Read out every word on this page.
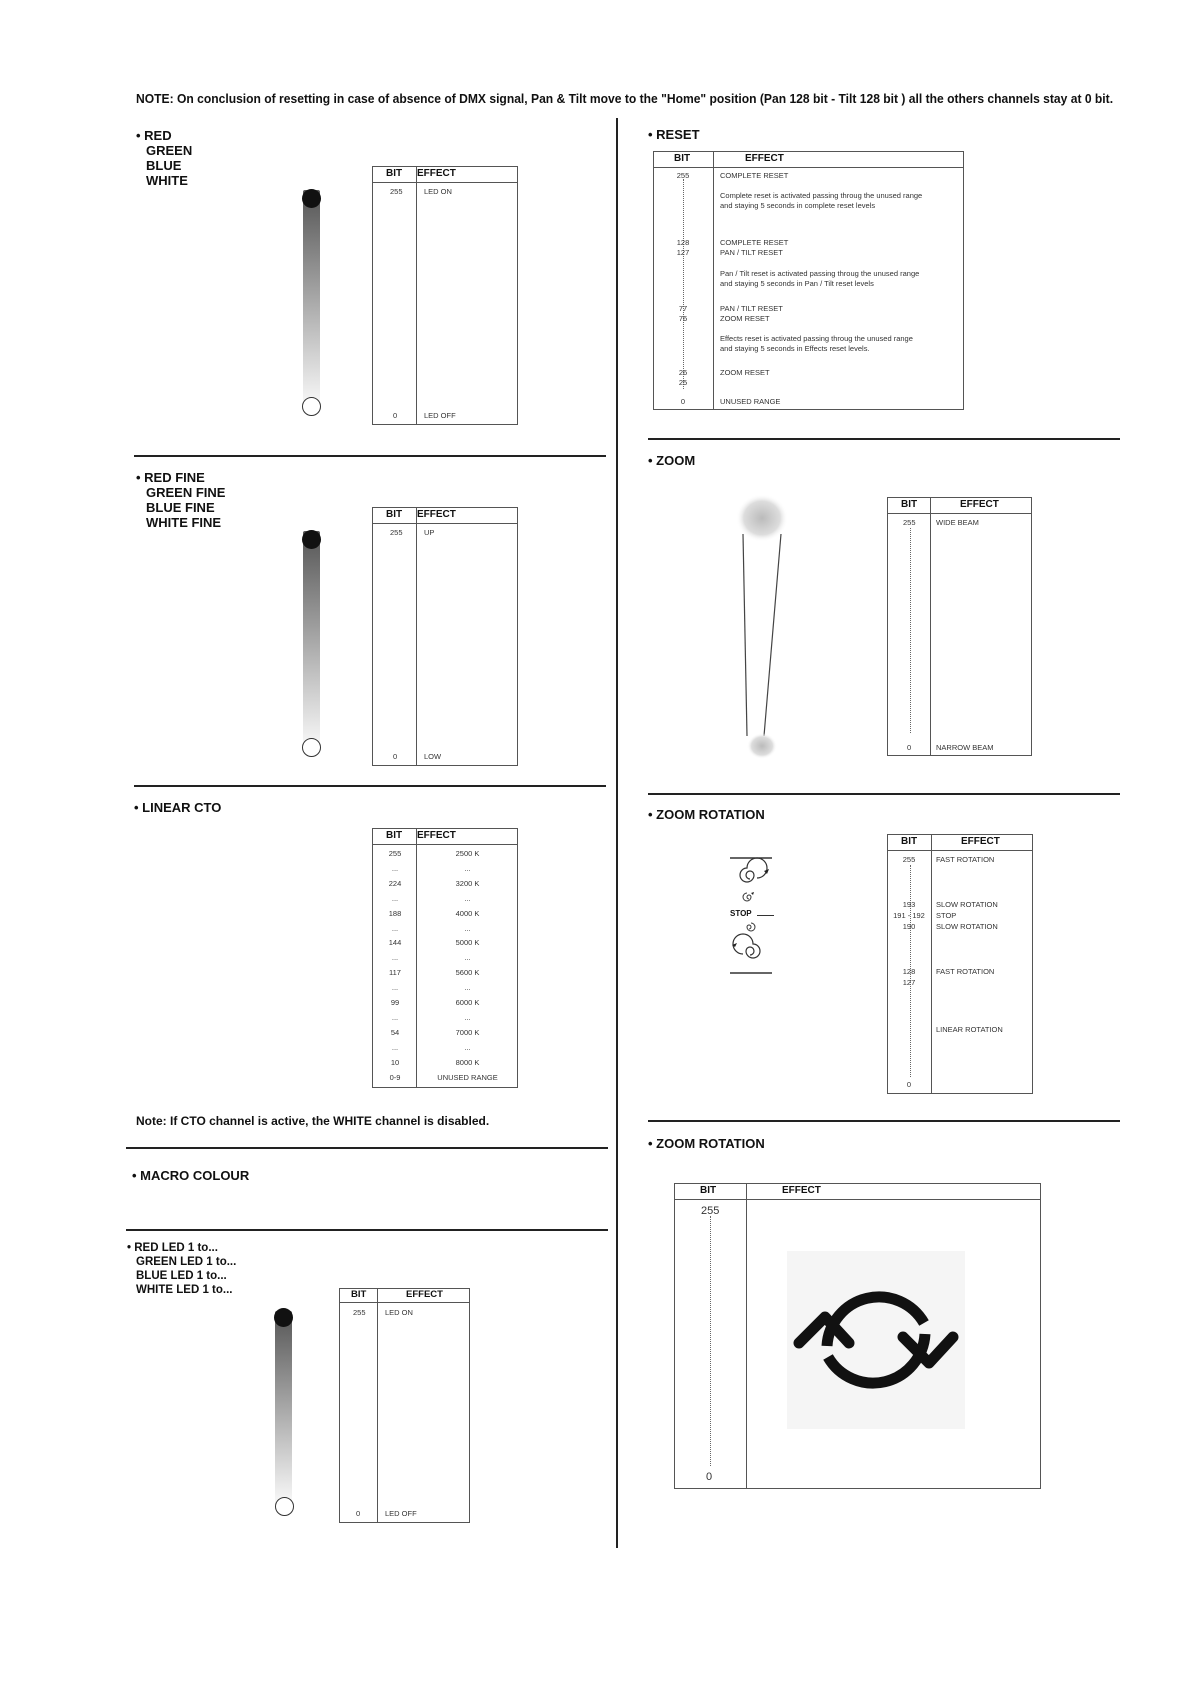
NOTE: On conclusion of resetting in case of absence of DMX signal, Pan & Tilt move to the "Home" position (Pan 128 bit - Tilt 128 bit ) all the others channels stay at 0 bit.
• RED
GREEN
BLUE
WHITE	BIT EFFECT
255	LED ON
0	LED OFF
• RED FINE
GREEN FINE
BLUE FINE
WHITE FINE
BIT EFFECT
255	UP
0	LOW
• LINEAR CTO
BIT EFFECT
255	2500 K
...	...
224	3200 K
...	...
188	4000 K
...	...
144	5000 K
...	...
117	5600 K
...	...
99	6000 K
...	...
54	7000 K
...	...
10	8000 K
0-9	UNUSED RANGE
Note: If CTO channel is active, the WHITE channel is disabled.
• MACRO COLOUR
• RED LED 1 to...
GREEN LED 1 to...
BLUE LED 1 to...
WHITE LED 1 to...	BIT	EFFECT
255	LED ON
0	LED OFF
• RESET
BIT	EFFECT
255	COMPLETE RESET
Complete reset is activated passing throug the unused range
and staying 5 seconds in complete reset levels
128	COMPLETE RESET
127	PAN / TILT RESET
Pan / Tilt reset is activated passing throug the unused range
and staying 5 seconds in Pan / Tilt reset levels
77	PAN / TILT RESET
76	ZOOM RESET
Effects reset is activated passing throug the unused range
and staying 5 seconds in Effects reset levels.
26	ZOOM RESET
25
0	UNUSED RANGE
• ZOOM
BIT	EFFECT
255	WIDE BEAM
0	NARROW BEAM
• ZOOM ROTATION
STOP
BIT	EFFECT
255	FAST ROTATION
193	SLOW ROTATION
191 - 192	STOP
190	SLOW ROTATION
128	FAST ROTATION
127
LINEAR ROTATION
0
• ZOOM ROTATION
BIT	EFFECT
255
0
